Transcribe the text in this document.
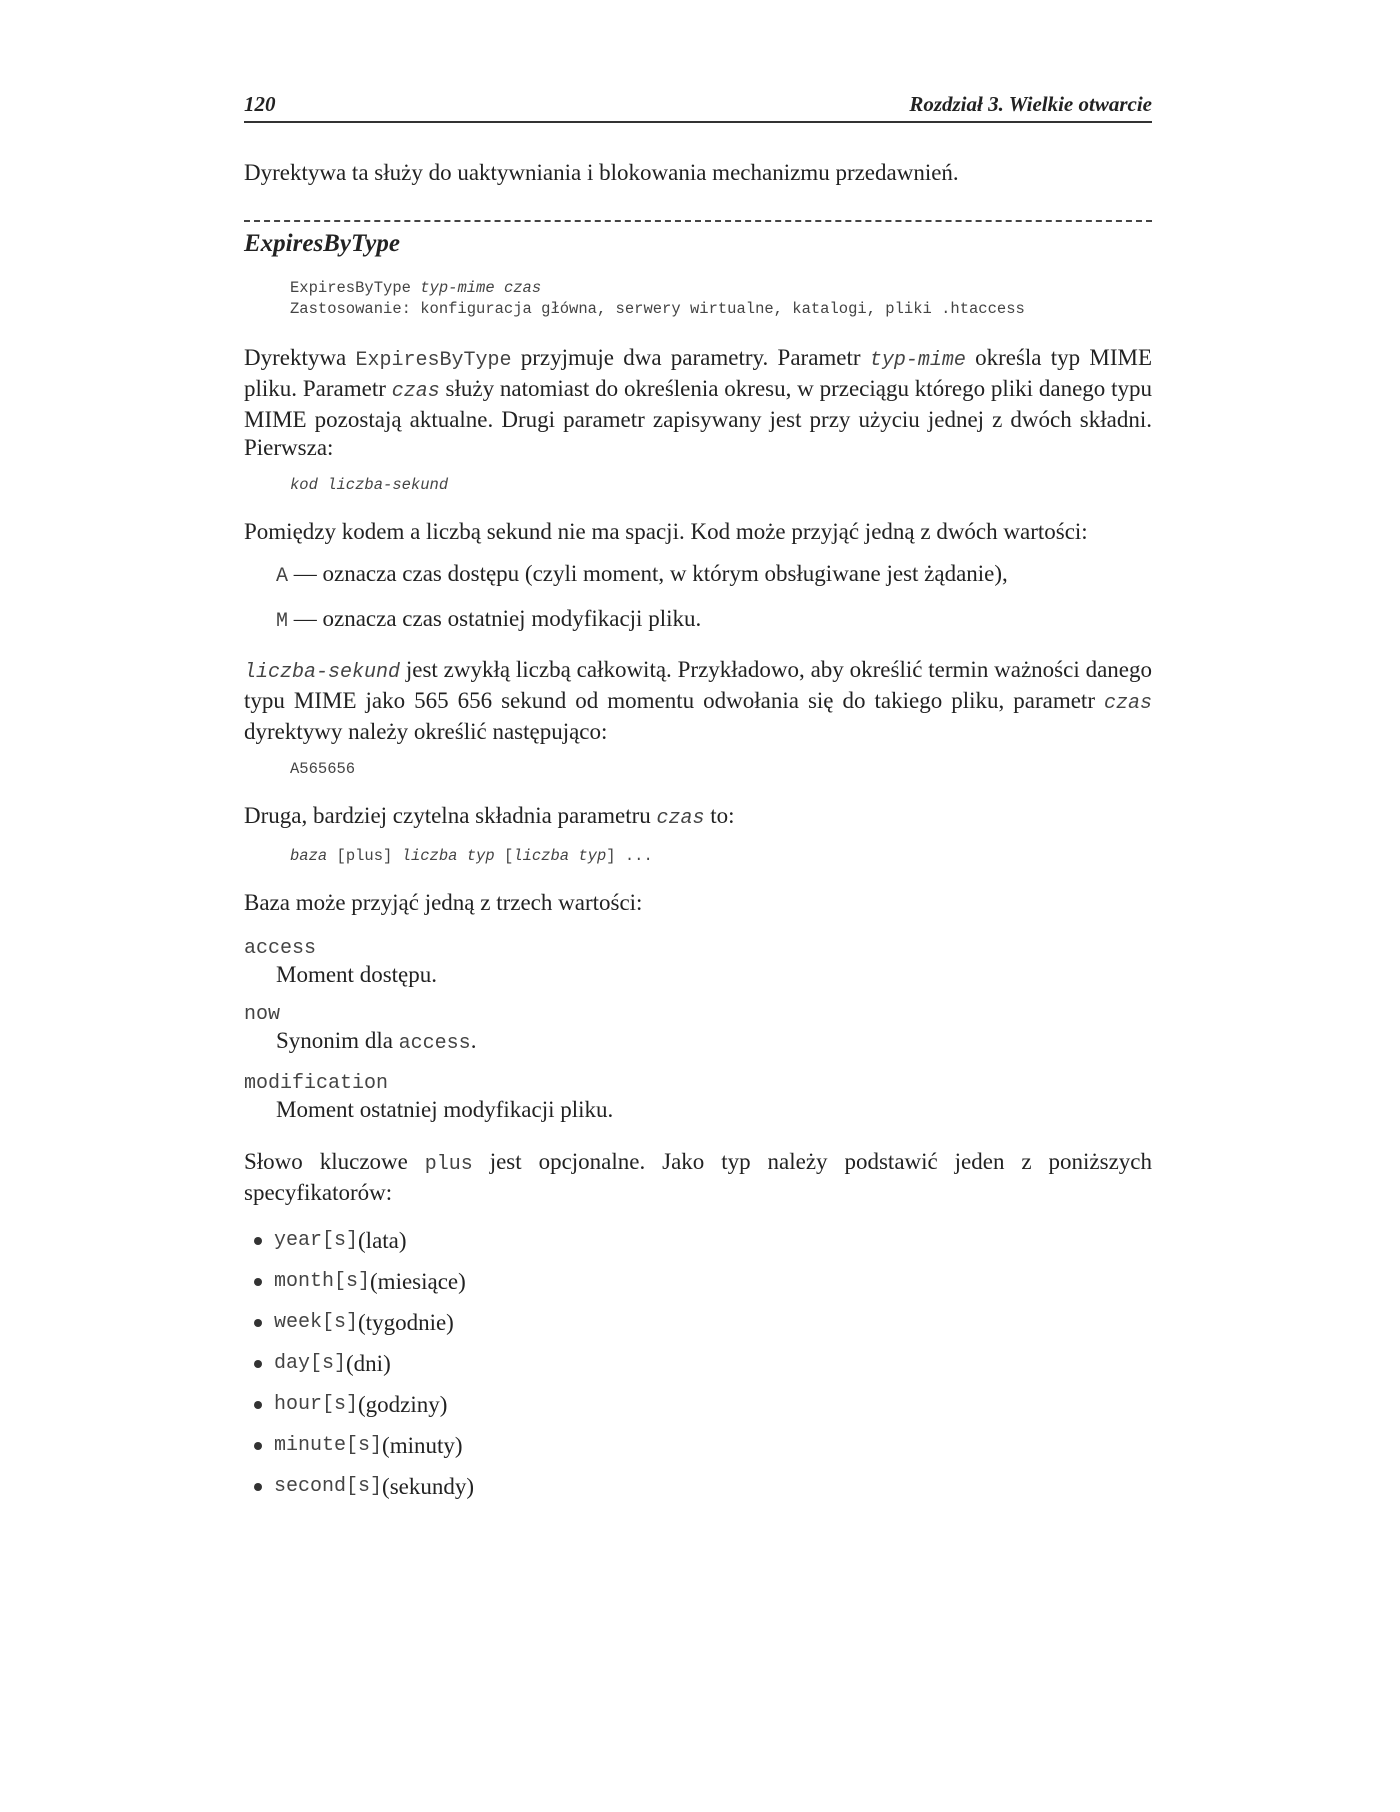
120	Rozdział 3. Wielkie otwarcie

Dyrektywa ta służy do uaktywniania i blokowania mechanizmu przedawnień.

ExpiresByType
ExpiresByType typ-mime czas
Zastosowanie: konfiguracja główna, serwery wirtualne, katalogi, pliki .htaccess

Dyrektywa ExpiresByType przyjmuje dwa parametry. Parametr typ-mime określa typ MIME pliku. Parametr czas służy natomiast do określenia okresu, w przeciągu którego pliki danego typu MIME pozostają aktualne. Drugi parametr zapisywany jest przy użyciu jednej z dwóch składni. Pierwsza:

kod liczba-sekund

Pomiędzy kodem a liczbą sekund nie ma spacji. Kod może przyjąć jedną z dwóch wartości:

A — oznacza czas dostępu (czyli moment, w którym obsługiwane jest żądanie),
M — oznacza czas ostatniej modyfikacji pliku.

liczba-sekund jest zwykłą liczbą całkowitą. Przykładowo, aby określić termin ważności danego typu MIME jako 565 656 sekund od momentu odwołania się do takiego pliku, parametr czas dyrektywy należy określić następująco:

A565656

Druga, bardziej czytelna składnia parametru czas to:

baza [plus] liczba typ [liczba typ] ...

Baza może przyjąć jedną z trzech wartości:

access
Moment dostępu.
now
Synonim dla access.
modification
Moment ostatniej modyfikacji pliku.

Słowo kluczowe plus jest opcjonalne. Jako typ należy podstawić jeden z poniższych specyfikatorów:

year[s] (lata)
month[s] (miesiące)
week[s] (tygodnie)
day[s] (dni)
hour[s] (godziny)
minute[s] (minuty)
second[s] (sekundy)
